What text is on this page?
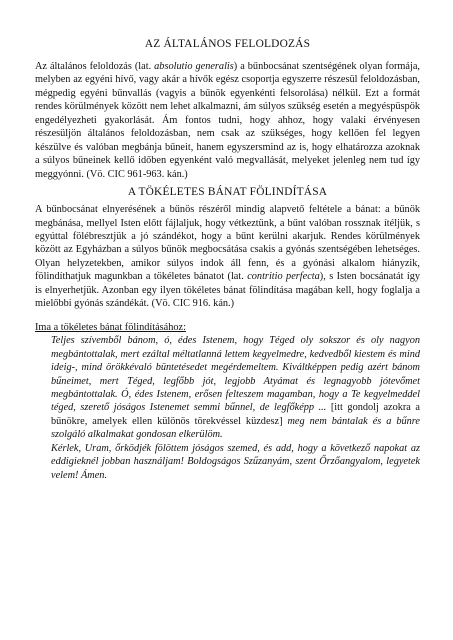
AZ ÁLTALÁNOS FELOLDOZÁS

Az általános feloldozás (lat. absolutio generalis) a bűnbocsánat szentségének olyan formája, melyben az egyéni hívő, vagy akár a hívők egész csoportja egyszerre részesül feloldozásban, mégpedig egyéni bűnvallás (vagyis a bűnök egyenkénti felsorolása) nélkül. Ezt a formát rendes körülmények között nem lehet alkalmazni, ám súlyos szükség esetén a megyéspüspök engedélyezheti gyakorlását. Ám fontos tudni, hogy ahhoz, hogy valaki érvényesen részesüljön általános feloldozásban, nem csak az szükséges, hogy kellően fel legyen készülve és valóban megbánja bűneit, hanem egyszersmind az is, hogy elhatározza azoknak a súlyos bűneinek kellő időben egyenként való megvallását, melyeket jelenleg nem tud így meggyónni. (Vö. CIC 961-963. kán.)

A TÖKÉLETES BÁNAT FÖLINDÍTÁSA

A bűnbocsánat elnyerésének a bűnös részéről mindig alapvető feltétele a bánat: a bűnök megbánása, mellyel Isten előtt fájlaljuk, hogy vétkeztünk, a bűnt valóban rossznak ítéljük, s egyúttal fölébresztjük a jó szándékot, hogy a bűnt kerülni akarjuk. Rendes körülmények között az Egyházban a súlyos bűnök megbocsátása csakis a gyónás szentségében lehetséges. Olyan helyzetekben, amikor súlyos indok áll fenn, és a gyónási alkalom hiányzik, fölindíthatjuk magunkban a tökéletes bánatot (lat. contritio perfecta), s Isten bocsánatát így is elnyerhetjük. Azonban egy ilyen tökéletes bánat fölindítása magában kell, hogy foglalja a mielőbbi gyónás szándékát. (Vö. CIC 916. kán.)

Ima a tökéletes bánat fölindításához:

Teljes szívemből bánom, ó, édes Istenem, hogy Téged oly sokszor és oly nagyon megbántottalak, mert ezáltal méltatlanná lettem kegyelmedre, kedvedből kiestem és mind ideig-, mind örökkévaló büntetésedet megérdemeltem. Kiváltképpen pedig azért bánom bűneimet, mert Téged, legfőbb jót, legjobb Atyámat és legnagyobb jótevőmet megbántottalak. Ó, édes Istenem, erősen felteszem magamban, hogy a Te kegyelmeddel téged, szerető jóságos Istenemet semmi bűnnel, de legfőképp ... [itt gondolj azokra a bűnökre, amelyek ellen különös törekvéssel küzdesz] meg nem bántalak és a bűnre szolgáló alkalmakat gondosan elkerülöm.

Kérlek, Uram, őrködjék fölöttem jóságos szemed, és add, hogy a következő napokat az eddigieknél jobban használjam! Boldogságos Szűzanyám, szent Őrzőangyalom, legyetek velem! Ámen.
